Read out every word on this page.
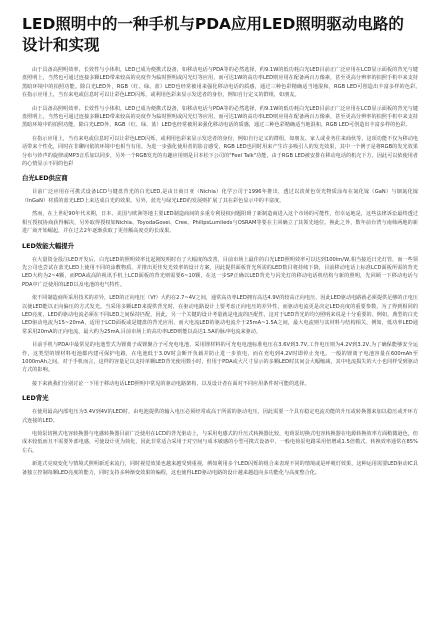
LED照明中的一种手机与PDA应用LED照明驱动电路的设计和实现

由于具备高照明效率、长效性与小体积，LED已成为便携式设备，如移动电话与PDA等的必然选择，约9.1W的低功耗白光LED目前正广泛应用在LCD显示面板的背光与键盘照明上，当然也可通过连接多颗LED带来较高的亮度作为临时照明或闪光灯等应用，而可达1W的高功率LED则应用在配备两百万像素，甚至更高分辨率的拍照手机中来支持黑暗环境中的拍照功能。除白光LED外，RGB（红、绿、蓝）LED也经常被用来强化移动电话的质感，通过三种色彩精确适当地混和，RGB LED可创造出丰富多样的色彩。　　在指示应用上，当有来电或信息时可以让彩色LED闪烁，或利用色彩来显示发送者的身份，例如自行定义的群组，如朋友。

由于具备高照明效率、长效性与小体积，LED已成为便携式设备，如移动电话与PDA等的必然选择，约9.1W的低功耗白光LED目前正广泛应用在LCD显示面板的背光与键盘照明上，当然也可通过连接多颗LED带来较高的亮度作为临时照明或闪光灯等应用，而可达1W的高功率LED则应用在配备两百万像素，甚至更高分辨率的拍照手机中来支持黑暗环境中的拍照功能。除白光LED外，RGB（红、绿、蓝）LED也经常被用来强化移动电话的质感，通过三种色彩精确适当地混和，RGB LED可创造出丰富多样的色彩。

在指示应用上，当有来电或信息时可以让彩色LED闪烁，或利用色彩来显示发送者的身份，例如自行定义的群组，如朋友、家人或业务往来商伙等。这项功能不仅为移动电话带来个性化，同时在非聊问依的环境中也相当有用。为进一步强化使用者的影音感受，RGB LED也同时用来产生许多吸引人的发光效果，其中一个例子是将RGB的发光效果分布与铃声的旋律或MP3音乐加以同步，另外一个RGB发光的有趣应用则是目本松下公司的"Feel Talk"功能，由于RGB LED被安排在移动电话的机壳下方，因此可以依使用者的心情显示不同的色彩

白光LED供应商

目前广泛应用在可携式设备LCD与键盘背光的白光LED,是由日商日亚（Nichia）化学公司于1996年推出，透过以淡黄色荧光物质涂布在氮化镓（GaN）与铟氮化镓（InGaN）材质的蓝光LED上来达成白光的效果。另外，蓝光与绿光LED的发展则扩展了其在彩色显示中的丰富度。

然而，在上世纪90年代末期，日本、美国与欧洲等地主要LED制造商间的多重专利侵权问题阻碍了新制造商进入这个市场的可能性，但幸运地是，这些法律诉讼最终透过相互授权协商获得解决，另外取得授权如Nichia、ToyodaGosei、Cree、PhilipsLumileds与OSRAM等要在主回确立了其领先地位。换此之外，数年前台湾与南韩两地的新进厂商开始崛起，并在过去2年逐渐获取了更佳额高度竞的长成果。

LED效能大幅提升

在大量资金投注LED开发后，白光LED的照明效率比起刚发明时有了大幅度的改善，目前市场上最佳的白光LED照明效率可以达到100lm/W,相当接近日光灯管，而一些领先公司也尝试在蓝光LED上使用不同的涂敷物质，并推出更佳发光效率的设计方案，因此提供面板背光所需的LED数目将持续下降，目前移动电话上标准LCD面板所需的背光LED大约为2~4颗，而PDA或高阶视讯手机上LCD面板的背光则需要6~10颗，在这一步SP正确以LED背光与闪光灯的移动电话机结构与新的照明，先回顾一下移动电话与PDA中广泛使用的LED以及电池的电气特性。

依不同制造商所采用技术的差异，LED的正向电压（Vf）大约在2.7~4V之间，通常高功率LED拥有高达4.9V的较高正向电压，因此LED驱动电路就必须提供足够的正电压以使LED能以正向偏压的方式发光。当采用多颗LED来提供背光时，在驱动电路设计上要考虑正向电压的差异性，而驱动电流更是决定LED亮度的重要参数，为了得到相同的LED亮度，LED的驱动电流必须在不同LED之间保持匹配，因此，另一个关键的设计考量就是电流的匹配性，这对于LED背光的均匀照明来说是十分重要的。例如，典型的白光LED驱动电流为15~20mA，适用于LCD面板或是键盘的背光应用，而大电流LED的驱动电流介于25mA~1.5A之间，最大电流则与其材料与结构相关，例如，低功率LED通常采用20mA的正向电流，最大约为25mA,目前市场上的高功率LED则能以高达1.5A的脉冲电流来驱动。

目前手机与PDA中最常见的电池型式为锂离子或锂聚合子可充电电池，采用锂材料的可充电电池标准电压在3.6V到3.7V,工作电压则为4.2V到3.2V,为了确保能够安全运作，这类型的锂材料电池都内建可保护电路，在电池低于3.0V时会断开负载并防止进一步放电，而在充电到4.2V时即停止充电。一般的锂离子电池容量在600mAh至1000mAh之间。对于手机而言，这样的容量足以支持单颗LED背光使用数小时，但用于PDA或大尺寸显示的多颗LED时其间会大幅缩减，其中电流损失的大小也同样受到驱动方式的影响。

接下来就我们分别讨论一下用于移动电话LED照明中常见的驱动电路架构，以及设计者在面对不同应用条件时可能的选择。

LED背光

在使用最高内部电压为3.4V到4V的LED时，由电池提供的输入电压必须经常或高于所需的驱动电压，因此需要一个具有稳定电流功能的升压或转换器来加以稳压或开环方式连接的LED。

电荷泵切换式电容转换器与电感转换器目前广泛使用在LCD的背光驱动上，与采用电感式的升压式转换器比较，电荷泵切换式电容转换器在电源转换效率方面稍微逊色，但成本较低而且不需要外部电感，可使设计更为简化，因此非常适合采用于对空间与成本敏感的小型可携式设备中，一般电荷泵电路采用倍增或1.5倍模式，转换效率通常在85%左右。

新进式亮度变化与情境式照明新近来流行，同时视觉效果也越来越受到重视，例如利用多个LED闪烁的组合来表现不同的情境或是呼吸灯效果，这种运用需要LED驱动IC具备独立控制每颗LED亮度的能力，同时支持多种渐变效果的编程，这也使得LED驱动电路的设计越来越趋向多功能化与高度整合化。
